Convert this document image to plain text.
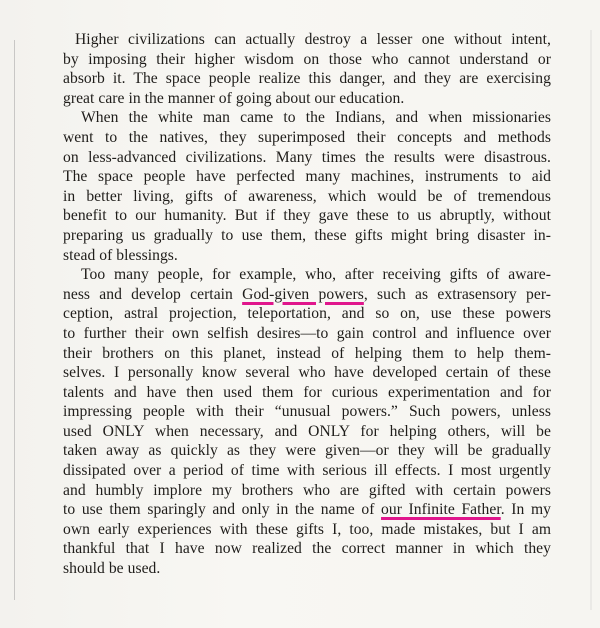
Higher civilizations can actually destroy a lesser one without intent,
by imposing their higher wisdom on those who cannot understand or
absorb it. The space people realize this danger, and they are exercising
great care in the manner of going about our education.
When the white man came to the Indians, and when missionaries
went to the natives, they superimposed their concepts and methods
on less-advanced civilizations. Many times the results were disastrous.
The space people have perfected many machines, instruments to aid
in better living, gifts of awareness, which would be of tremendous
benefit to our humanity. But if they gave these to us abruptly, without
preparing us gradually to use them, these gifts might bring disaster in-
stead of blessings.
Too many people, for example, who, after receiving gifts of aware-
ness and develop certain God-given powers, such as extrasensory per-
ception, astral projection, teleportation, and so on, use these powers
to further their own selfish desires—to gain control and influence over
their brothers on this planet, instead of helping them to help them-
selves. I personally know several who have developed certain of these
talents and have then used them for curious experimentation and for
impressing people with their “unusual powers.” Such powers, unless
used ONLY when necessary, and ONLY for helping others, will be
taken away as quickly as they were given—or they will be gradually
dissipated over a period of time with serious ill effects. I most urgently
and humbly implore my brothers who are gifted with certain powers
to use them sparingly and only in the name of our Infinite Father. In my
own early experiences with these gifts I, too, made mistakes, but I am
thankful that I have now realized the correct manner in which they
should be used.
